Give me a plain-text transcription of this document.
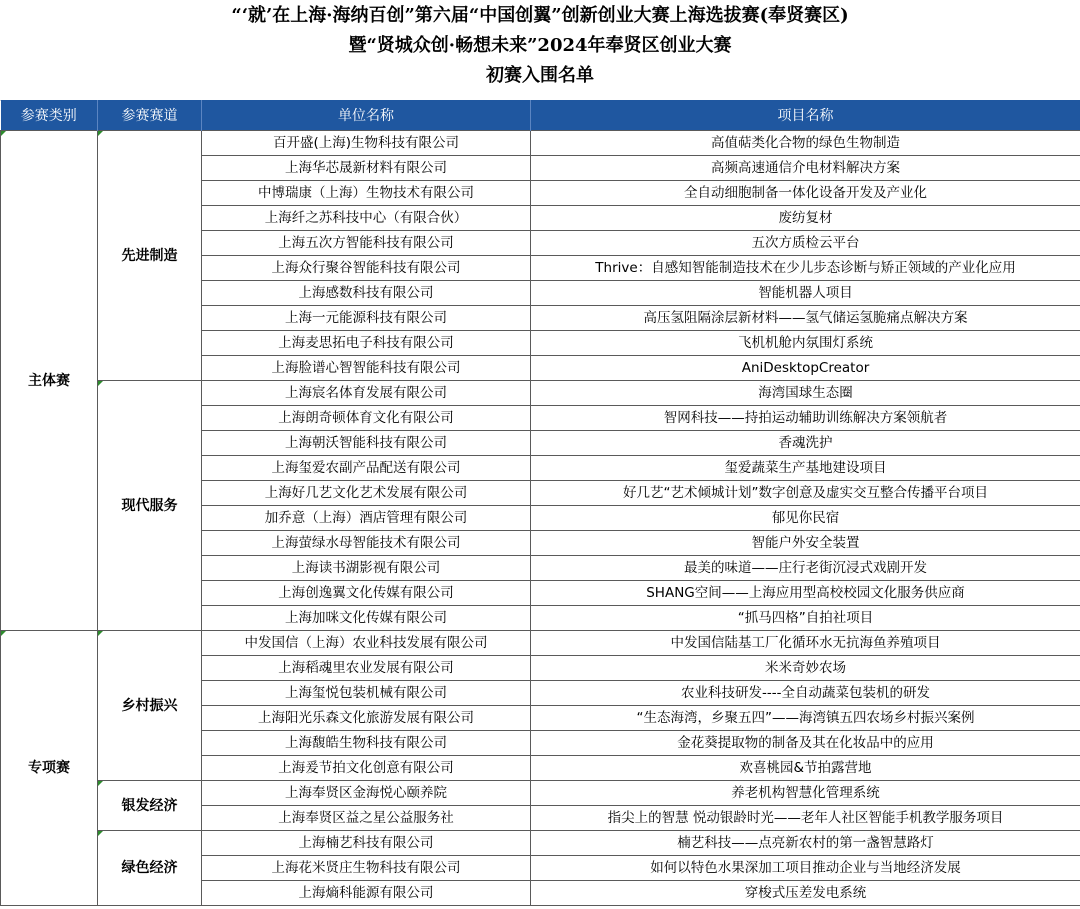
“‘就’在上海·海纳百创”第六届“中国创翼”创新创业大赛上海选拔赛(奉贤赛区)
暨“贤城众创·畅想未来”2024年奉贤区创业大赛
初赛入围名单
参赛类别	参赛赛道	单位名称	项目名称
主体赛	先进制造	百开盛(上海)生物科技有限公司	高值萜类化合物的绿色生物制造
		上海华芯晟新材料有限公司	高频高速通信介电材料解决方案
		中博瑞康（上海）生物技术有限公司	全自动细胞制备一体化设备开发及产业化
		上海纤之苏科技中心（有限合伙）	废纺复材
		上海五次方智能科技有限公司	五次方质检云平台
		上海众行聚谷智能科技有限公司	Thrive：自感知智能制造技术在少儿步态诊断与矫正领域的产业化应用
		上海感数科技有限公司	智能机器人项目
		上海一元能源科技有限公司	高压氢阻隔涂层新材料——氢气储运氢脆痛点解决方案
		上海麦思拓电子科技有限公司	飞机机舱内氛围灯系统
		上海脸谱心智智能科技有限公司	AniDesktopCreator
	现代服务	上海宸名体育发展有限公司	海湾国球生态圈
		上海朗奇顿体育文化有限公司	智网科技——持拍运动辅助训练解决方案领航者
		上海朝沃智能科技有限公司	香魂洗护
		上海玺爱农副产品配送有限公司	玺爱蔬菜生产基地建设项目
		上海好几艺文化艺术发展有限公司	好几艺“艺术倾城计划”数字创意及虚实交互整合传播平台项目
		加乔意（上海）酒店管理有限公司	郁见你民宿
		上海萤绿水母智能技术有限公司	智能户外安全装置
		上海读书湖影视有限公司	最美的味道——庄行老街沉浸式戏剧开发
		上海创逸翼文化传媒有限公司	SHANG空间——上海应用型高校校园文化服务供应商
		上海加咪文化传媒有限公司	“抓马四格”自拍社项目
专项赛	乡村振兴	中发国信（上海）农业科技发展有限公司	中发国信陆基工厂化循环水无抗海鱼养殖项目
		上海稻魂里农业发展有限公司	米米奇妙农场
		上海玺悦包装机械有限公司	农业科技研发----全自动蔬菜包装机的研发
		上海阳光乐森文化旅游发展有限公司	“生态海湾，乡聚五四”——海湾镇五四农场乡村振兴案例
		上海馥皓生物科技有限公司	金花葵提取物的制备及其在化妆品中的应用
		上海爰节拍文化创意有限公司	欢喜桃园&节拍露营地
	银发经济	上海奉贤区金海悦心颐养院	养老机构智慧化管理系统
		上海奉贤区益之星公益服务社	指尖上的智慧 悦动银龄时光——老年人社区智能手机教学服务项目
	绿色经济	上海楠艺科技有限公司	楠艺科技——点亮新农村的第一盏智慧路灯
		上海花米贤庄生物科技有限公司	如何以特色水果深加工项目推动企业与当地经济发展
		上海熵科能源有限公司	穿梭式压差发电系统
